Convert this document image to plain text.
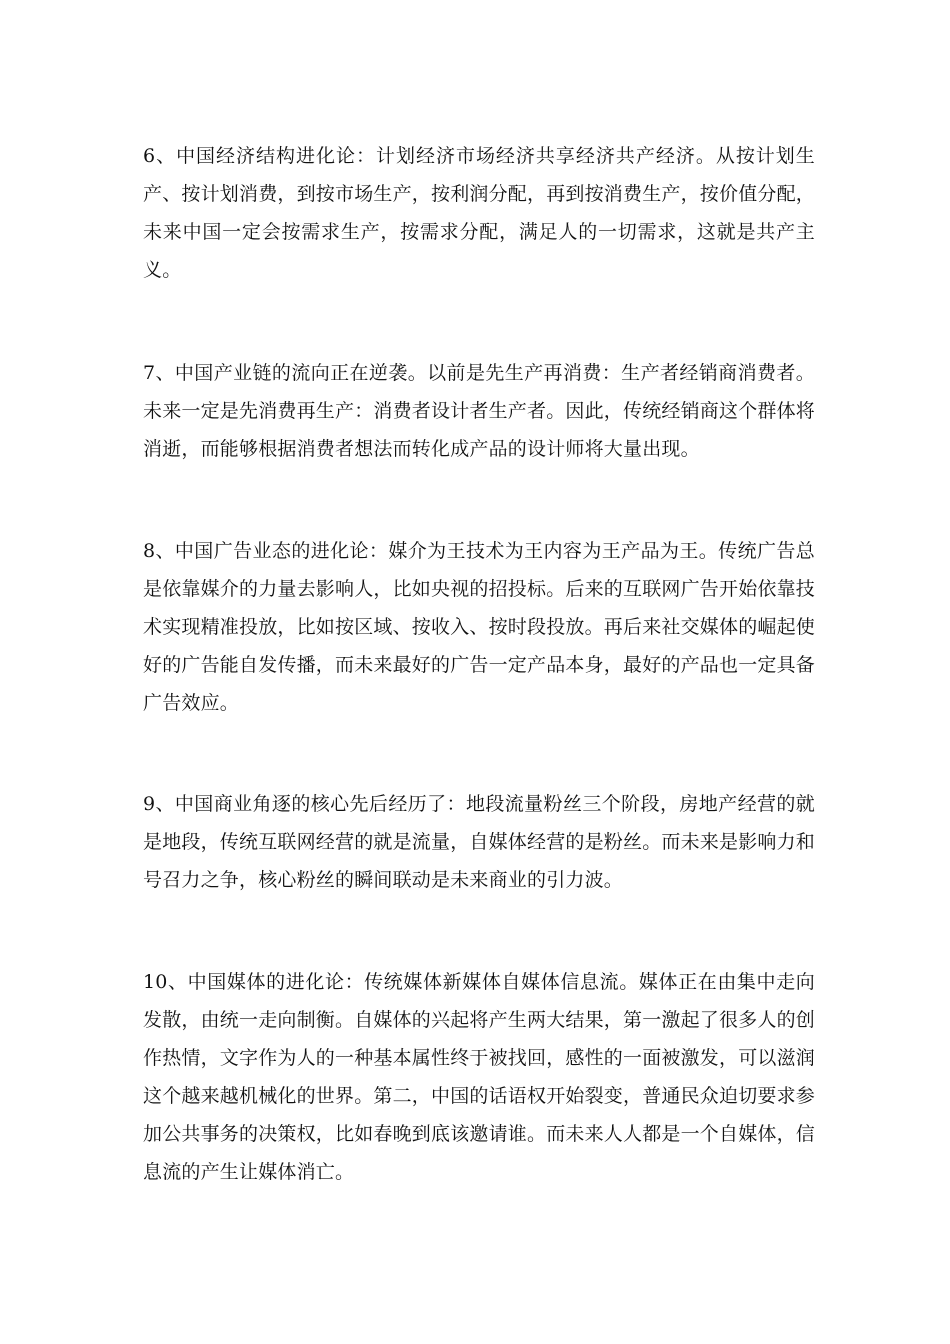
6、中国经济结构进化论：计划经济市场经济共享经济共产经济。从按计划生产、按计划消费，到按市场生产，按利润分配，再到按消费生产，按价值分配，未来中国一定会按需求生产，按需求分配，满足人的一切需求，这就是共产主义。

7、中国产业链的流向正在逆袭。以前是先生产再消费：生产者经销商消费者。未来一定是先消费再生产：消费者设计者生产者。因此，传统经销商这个群体将消逝，而能够根据消费者想法而转化成产品的设计师将大量出现。

8、中国广告业态的进化论：媒介为王技术为王内容为王产品为王。传统广告总是依靠媒介的力量去影响人，比如央视的招投标。后来的互联网广告开始依靠技术实现精准投放，比如按区域、按收入、按时段投放。再后来社交媒体的崛起使好的广告能自发传播，而未来最好的广告一定产品本身，最好的产品也一定具备广告效应。

9、中国商业角逐的核心先后经历了：地段流量粉丝三个阶段，房地产经营的就是地段，传统互联网经营的就是流量，自媒体经营的是粉丝。而未来是影响力和号召力之争，核心粉丝的瞬间联动是未来商业的引力波。

10、中国媒体的进化论：传统媒体新媒体自媒体信息流。媒体正在由集中走向发散，由统一走向制衡。自媒体的兴起将产生两大结果，第一激起了很多人的创作热情，文字作为人的一种基本属性终于被找回，感性的一面被激发，可以滋润这个越来越机械化的世界。第二，中国的话语权开始裂变，普通民众迫切要求参加公共事务的决策权，比如春晚到底该邀请谁。而未来人人都是一个自媒体，信息流的产生让媒体消亡。
